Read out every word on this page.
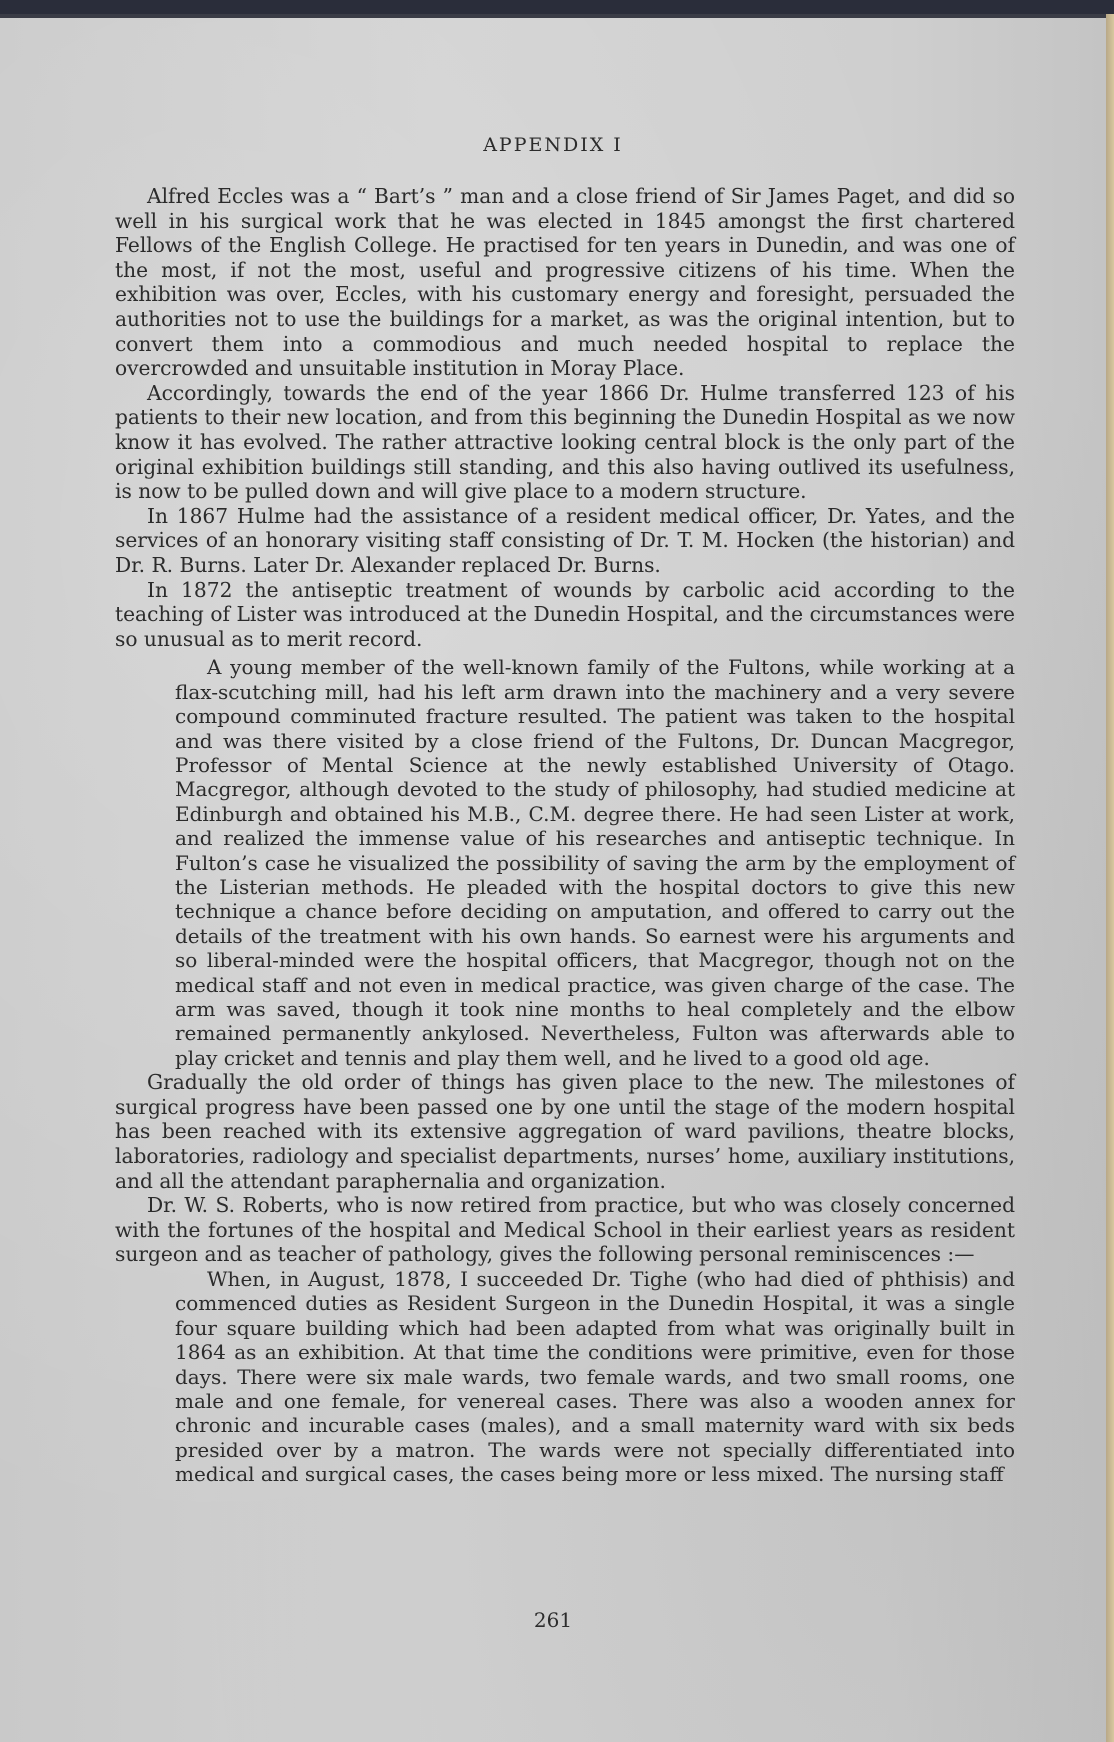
APPENDIX I

Alfred Eccles was a “ Bart’s ” man and a close friend of Sir James Paget, and did so well in his surgical work that he was elected in 1845 amongst the first chartered Fellows of the English College. He practised for ten years in Dunedin, and was one of the most, if not the most, useful and progressive citizens of his time. When the exhibition was over, Eccles, with his customary energy and foresight, persuaded the authorities not to use the buildings for a market, as was the original intention, but to convert them into a commodious and much needed hospital to replace the overcrowded and unsuitable institution in Moray Place.

Accordingly, towards the end of the year 1866 Dr. Hulme transferred 123 of his patients to their new location, and from this beginning the Dunedin Hospital as we now know it has evolved. The rather attractive looking central block is the only part of the original exhibition buildings still standing, and this also having outlived its usefulness, is now to be pulled down and will give place to a modern structure.

In 1867 Hulme had the assistance of a resident medical officer, Dr. Yates, and the services of an honorary visiting staff consisting of Dr. T. M. Hocken (the historian) and Dr. R. Burns. Later Dr. Alexander replaced Dr. Burns.

In 1872 the antiseptic treatment of wounds by carbolic acid according to the teaching of Lister was introduced at the Dunedin Hospital, and the circumstances were so unusual as to merit record.

A young member of the well-known family of the Fultons, while working at a flax-scutching mill, had his left arm drawn into the machinery and a very severe compound comminuted fracture resulted. The patient was taken to the hospital and was there visited by a close friend of the Fultons, Dr. Duncan Macgregor, Professor of Mental Science at the newly established University of Otago. Macgregor, although devoted to the study of philosophy, had studied medicine at Edinburgh and obtained his M.B., C.M. degree there. He had seen Lister at work, and realized the immense value of his researches and antiseptic technique. In Fulton’s case he visualized the possibility of saving the arm by the employment of the Listerian methods. He pleaded with the hospital doctors to give this new technique a chance before deciding on amputation, and offered to carry out the details of the treatment with his own hands. So earnest were his arguments and so liberal-minded were the hospital officers, that Macgregor, though not on the medical staff and not even in medical practice, was given charge of the case. The arm was saved, though it took nine months to heal completely and the elbow remained permanently ankylosed. Nevertheless, Fulton was afterwards able to play cricket and tennis and play them well, and he lived to a good old age.

Gradually the old order of things has given place to the new. The milestones of surgical progress have been passed one by one until the stage of the modern hospital has been reached with its extensive aggregation of ward pavilions, theatre blocks, laboratories, radiology and specialist departments, nurses’ home, auxiliary institutions, and all the attendant paraphernalia and organization.

Dr. W. S. Roberts, who is now retired from practice, but who was closely concerned with the fortunes of the hospital and Medical School in their earliest years as resident surgeon and as teacher of pathology, gives the following personal reminiscences :—

When, in August, 1878, I succeeded Dr. Tighe (who had died of phthisis) and commenced duties as Resident Surgeon in the Dunedin Hospital, it was a single four square building which had been adapted from what was originally built in 1864 as an exhibition. At that time the conditions were primitive, even for those days. There were six male wards, two female wards, and two small rooms, one male and one female, for venereal cases. There was also a wooden annex for chronic and incurable cases (males), and a small maternity ward with six beds presided over by a matron. The wards were not specially differentiated into medical and surgical cases, the cases being more or less mixed. The nursing staff

261
